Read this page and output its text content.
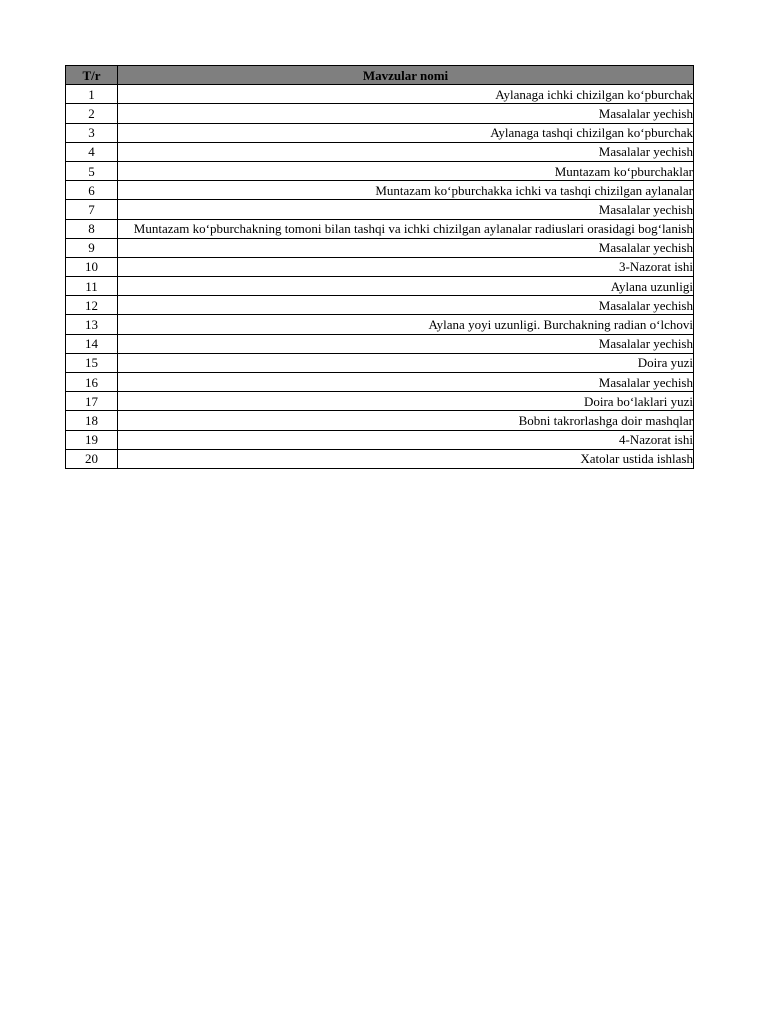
T/r	Mavzular nomi
1	Aylanaga ichki chizilgan ko‘pburchak

2	Masalalar yechish

3	Aylanaga tashqi chizilgan ko‘pburchak

4	Masalalar yechish

5	Muntazam ko‘pburchaklar

6	Muntazam ko‘pburchakka ichki va tashqi chizilgan aylanalar

7	Masalalar yechish

8	Muntazam ko‘pburchakning tomoni bilan tashqi va ichki chizilgan aylanalar radiuslari orasidagi bog‘lanish

9	Masalalar yechish

10	3-Nazorat ishi

11	Aylana uzunligi

12	Masalalar yechish

13	Aylana yoyi uzunligi. Burchakning radian o‘lchovi

14	Masalalar yechish

15	Doira yuzi

16	Masalalar yechish

17	Doira bo‘laklari yuzi

18	Bobni takrorlashga doir mashqlar

19	4-Nazorat ishi

20	Xatolar ustida ishlash
